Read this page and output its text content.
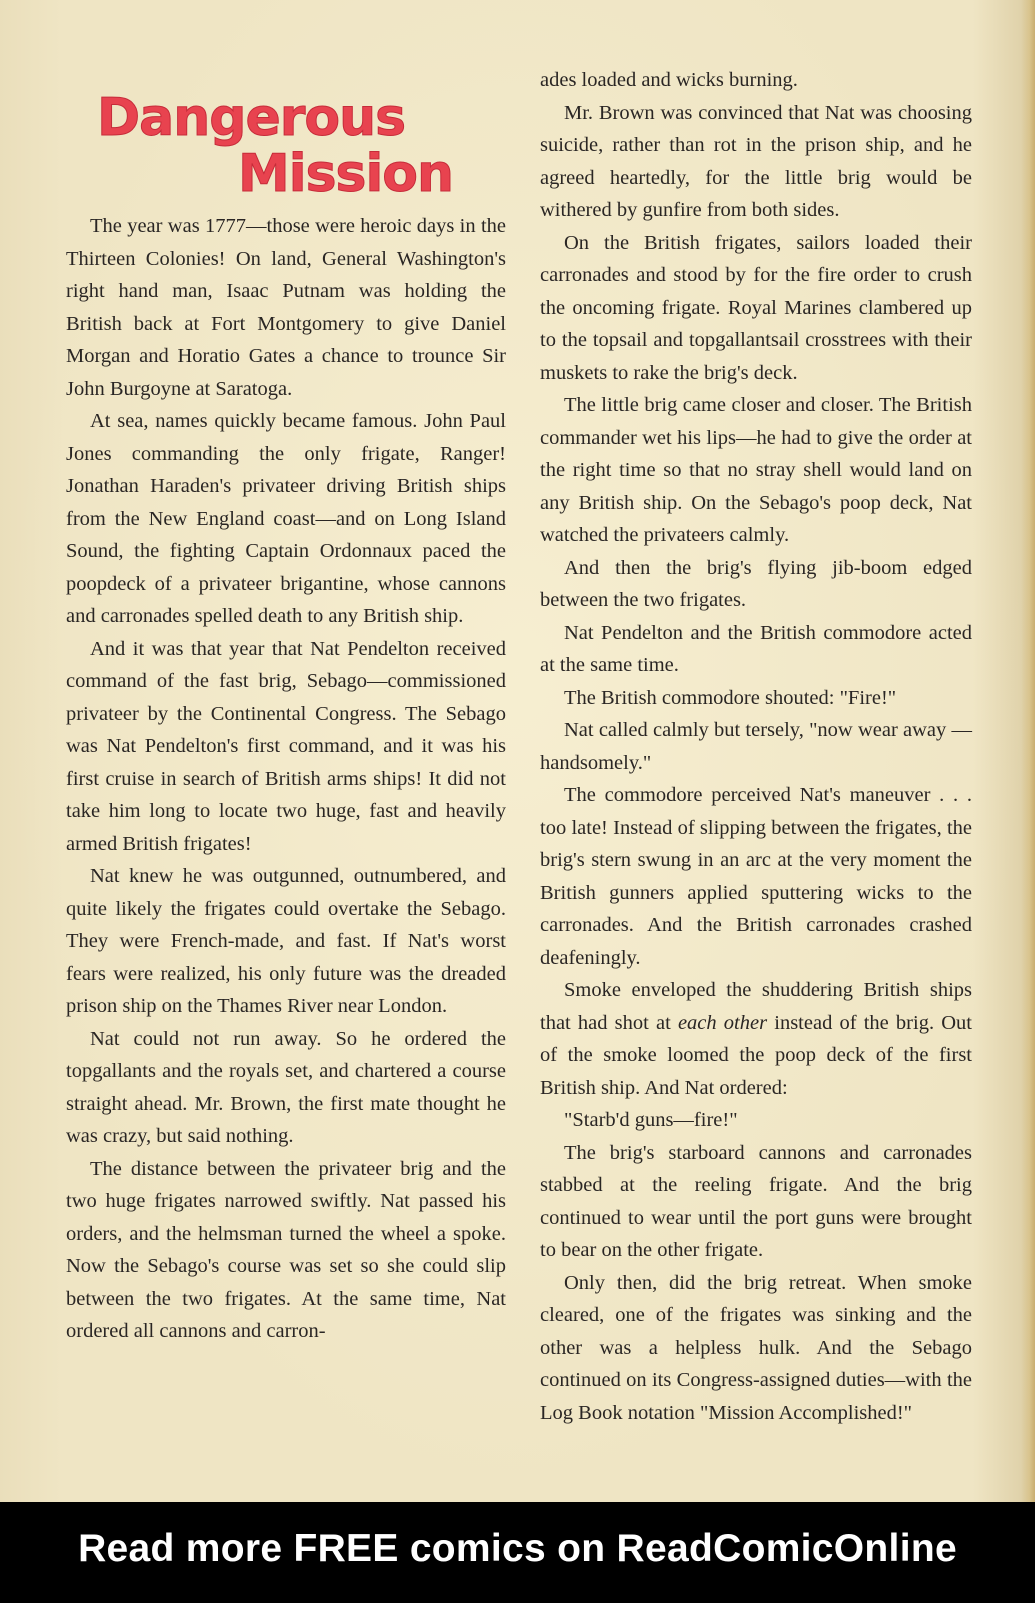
Dangerous
Mission

The year was 1777—those were heroic days in the Thirteen Colonies! On land, General Washington's right hand man, Isaac Putnam was holding the British back at Fort Montgomery to give Daniel Morgan and Horatio Gates a chance to trounce Sir John Burgoyne at Saratoga.

At sea, names quickly became famous. John Paul Jones commanding the only frigate, Ranger! Jonathan Haraden's privateer driving British ships from the New England coast—and on Long Island Sound, the fighting Captain Ordonnaux paced the poopdeck of a privateer brigantine, whose cannons and carronades spelled death to any British ship.

And it was that year that Nat Pendelton received command of the fast brig, Sebago—commissioned privateer by the Continental Congress. The Sebago was Nat Pendelton's first command, and it was his first cruise in search of British arms ships! It did not take him long to locate two huge, fast and heavily armed British frigates!

Nat knew he was outgunned, outnumbered, and quite likely the frigates could overtake the Sebago. They were French-made, and fast. If Nat's worst fears were realized, his only future was the dreaded prison ship on the Thames River near London.

Nat could not run away. So he ordered the topgallants and the royals set, and chartered a course straight ahead. Mr. Brown, the first mate thought he was crazy, but said nothing.

The distance between the privateer brig and the two huge frigates narrowed swiftly. Nat passed his orders, and the helmsman turned the wheel a spoke. Now the Sebago's course was set so she could slip between the two frigates. At the same time, Nat ordered all cannons and carron-

ades loaded and wicks burning.

Mr. Brown was convinced that Nat was choosing suicide, rather than rot in the prison ship, and he agreed heartedly, for the little brig would be withered by gunfire from both sides.

On the British frigates, sailors loaded their carronades and stood by for the fire order to crush the oncoming frigate. Royal Marines clambered up to the topsail and topgallantsail crosstrees with their muskets to rake the brig's deck.

The little brig came closer and closer. The British commander wet his lips—he had to give the order at the right time so that no stray shell would land on any British ship. On the Sebago's poop deck, Nat watched the privateers calmly.

And then the brig's flying jib-boom edged between the two frigates.

Nat Pendelton and the British commodore acted at the same time.

The British commodore shouted: "Fire!"

Nat called calmly but tersely, "now wear away —handsomely."

The commodore perceived Nat's maneuver . . . too late! Instead of slipping between the frigates, the brig's stern swung in an arc at the very moment the British gunners applied sputtering wicks to the carronades. And the British carronades crashed deafeningly.

Smoke enveloped the shuddering British ships that had shot at each other instead of the brig. Out of the smoke loomed the poop deck of the first British ship. And Nat ordered:

"Starb'd guns—fire!"

The brig's starboard cannons and carronades stabbed at the reeling frigate. And the brig continued to wear until the port guns were brought to bear on the other frigate.

Only then, did the brig retreat. When smoke cleared, one of the frigates was sinking and the other was a helpless hulk. And the Sebago continued on its Congress-assigned duties—with the Log Book notation "Mission Accomplished!"

Read more FREE comics on ReadComicOnline
